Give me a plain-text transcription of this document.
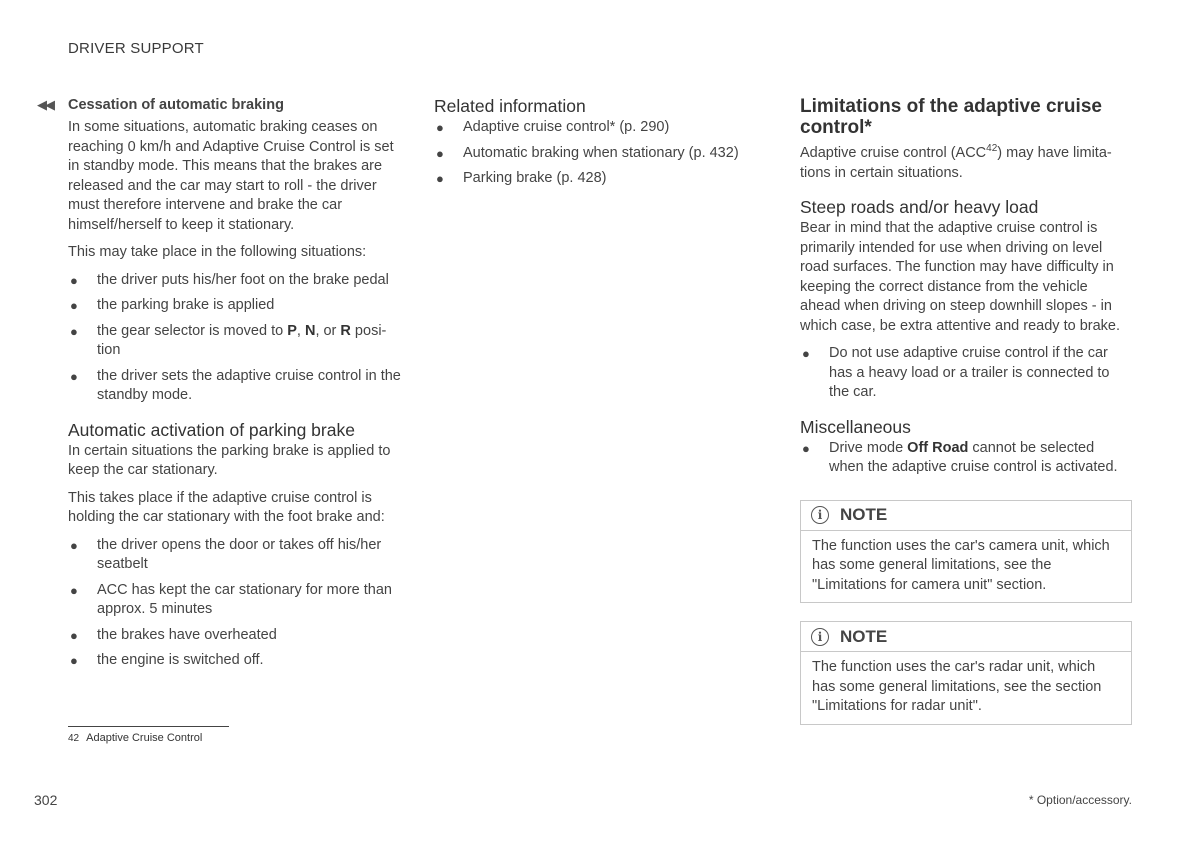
DRIVER SUPPORT
◀◀ Cessation of automatic braking

In some situations, automatic braking ceases on reaching 0 km/h and Adaptive Cruise Control is set in standby mode. This means that the brakes are released and the car may start to roll - the driver must therefore intervene and brake the car himself/herself to keep it stationary.

This may take place in the following situations:

● the driver puts his/her foot on the brake pedal
● the parking brake is applied
● the gear selector is moved to P, N, or R posi-tion
● the driver sets the adaptive cruise control in the standby mode.
Automatic activation of parking brake

In certain situations the parking brake is applied to keep the car stationary.

This takes place if the adaptive cruise control is holding the car stationary with the foot brake and:

● the driver opens the door or takes off his/her seatbelt
● ACC has kept the car stationary for more than approx. 5 minutes
● the brakes have overheated
● the engine is switched off.
Related information
● Adaptive cruise control* (p. 290)
● Automatic braking when stationary (p. 432)
● Parking brake (p. 428)
Limitations of the adaptive cruise control*

Adaptive cruise control (ACC$^{42}$) may have limita-tions in certain situations.

Steep roads and/or heavy load

Bear in mind that the adaptive cruise control is primarily intended for use when driving on level road surfaces. The function may have difficulty in keeping the correct distance from the vehicle ahead when driving on steep downhill slopes - in which case, be extra attentive and ready to brake.

● Do not use adaptive cruise control if the car has a heavy load or a trailer is connected to the car.
Miscellaneous
● Drive mode Off Road cannot be selected when the adaptive cruise control is activated.
i	NOTE
The function uses the car's camera unit, which has some general limitations, see the "Limitations for camera unit" section.
i	NOTE
The function uses the car's radar unit, which has some general limitations, see the section "Limitations for radar unit".
42 Adaptive Cruise Control
302	* Option/accessory.
